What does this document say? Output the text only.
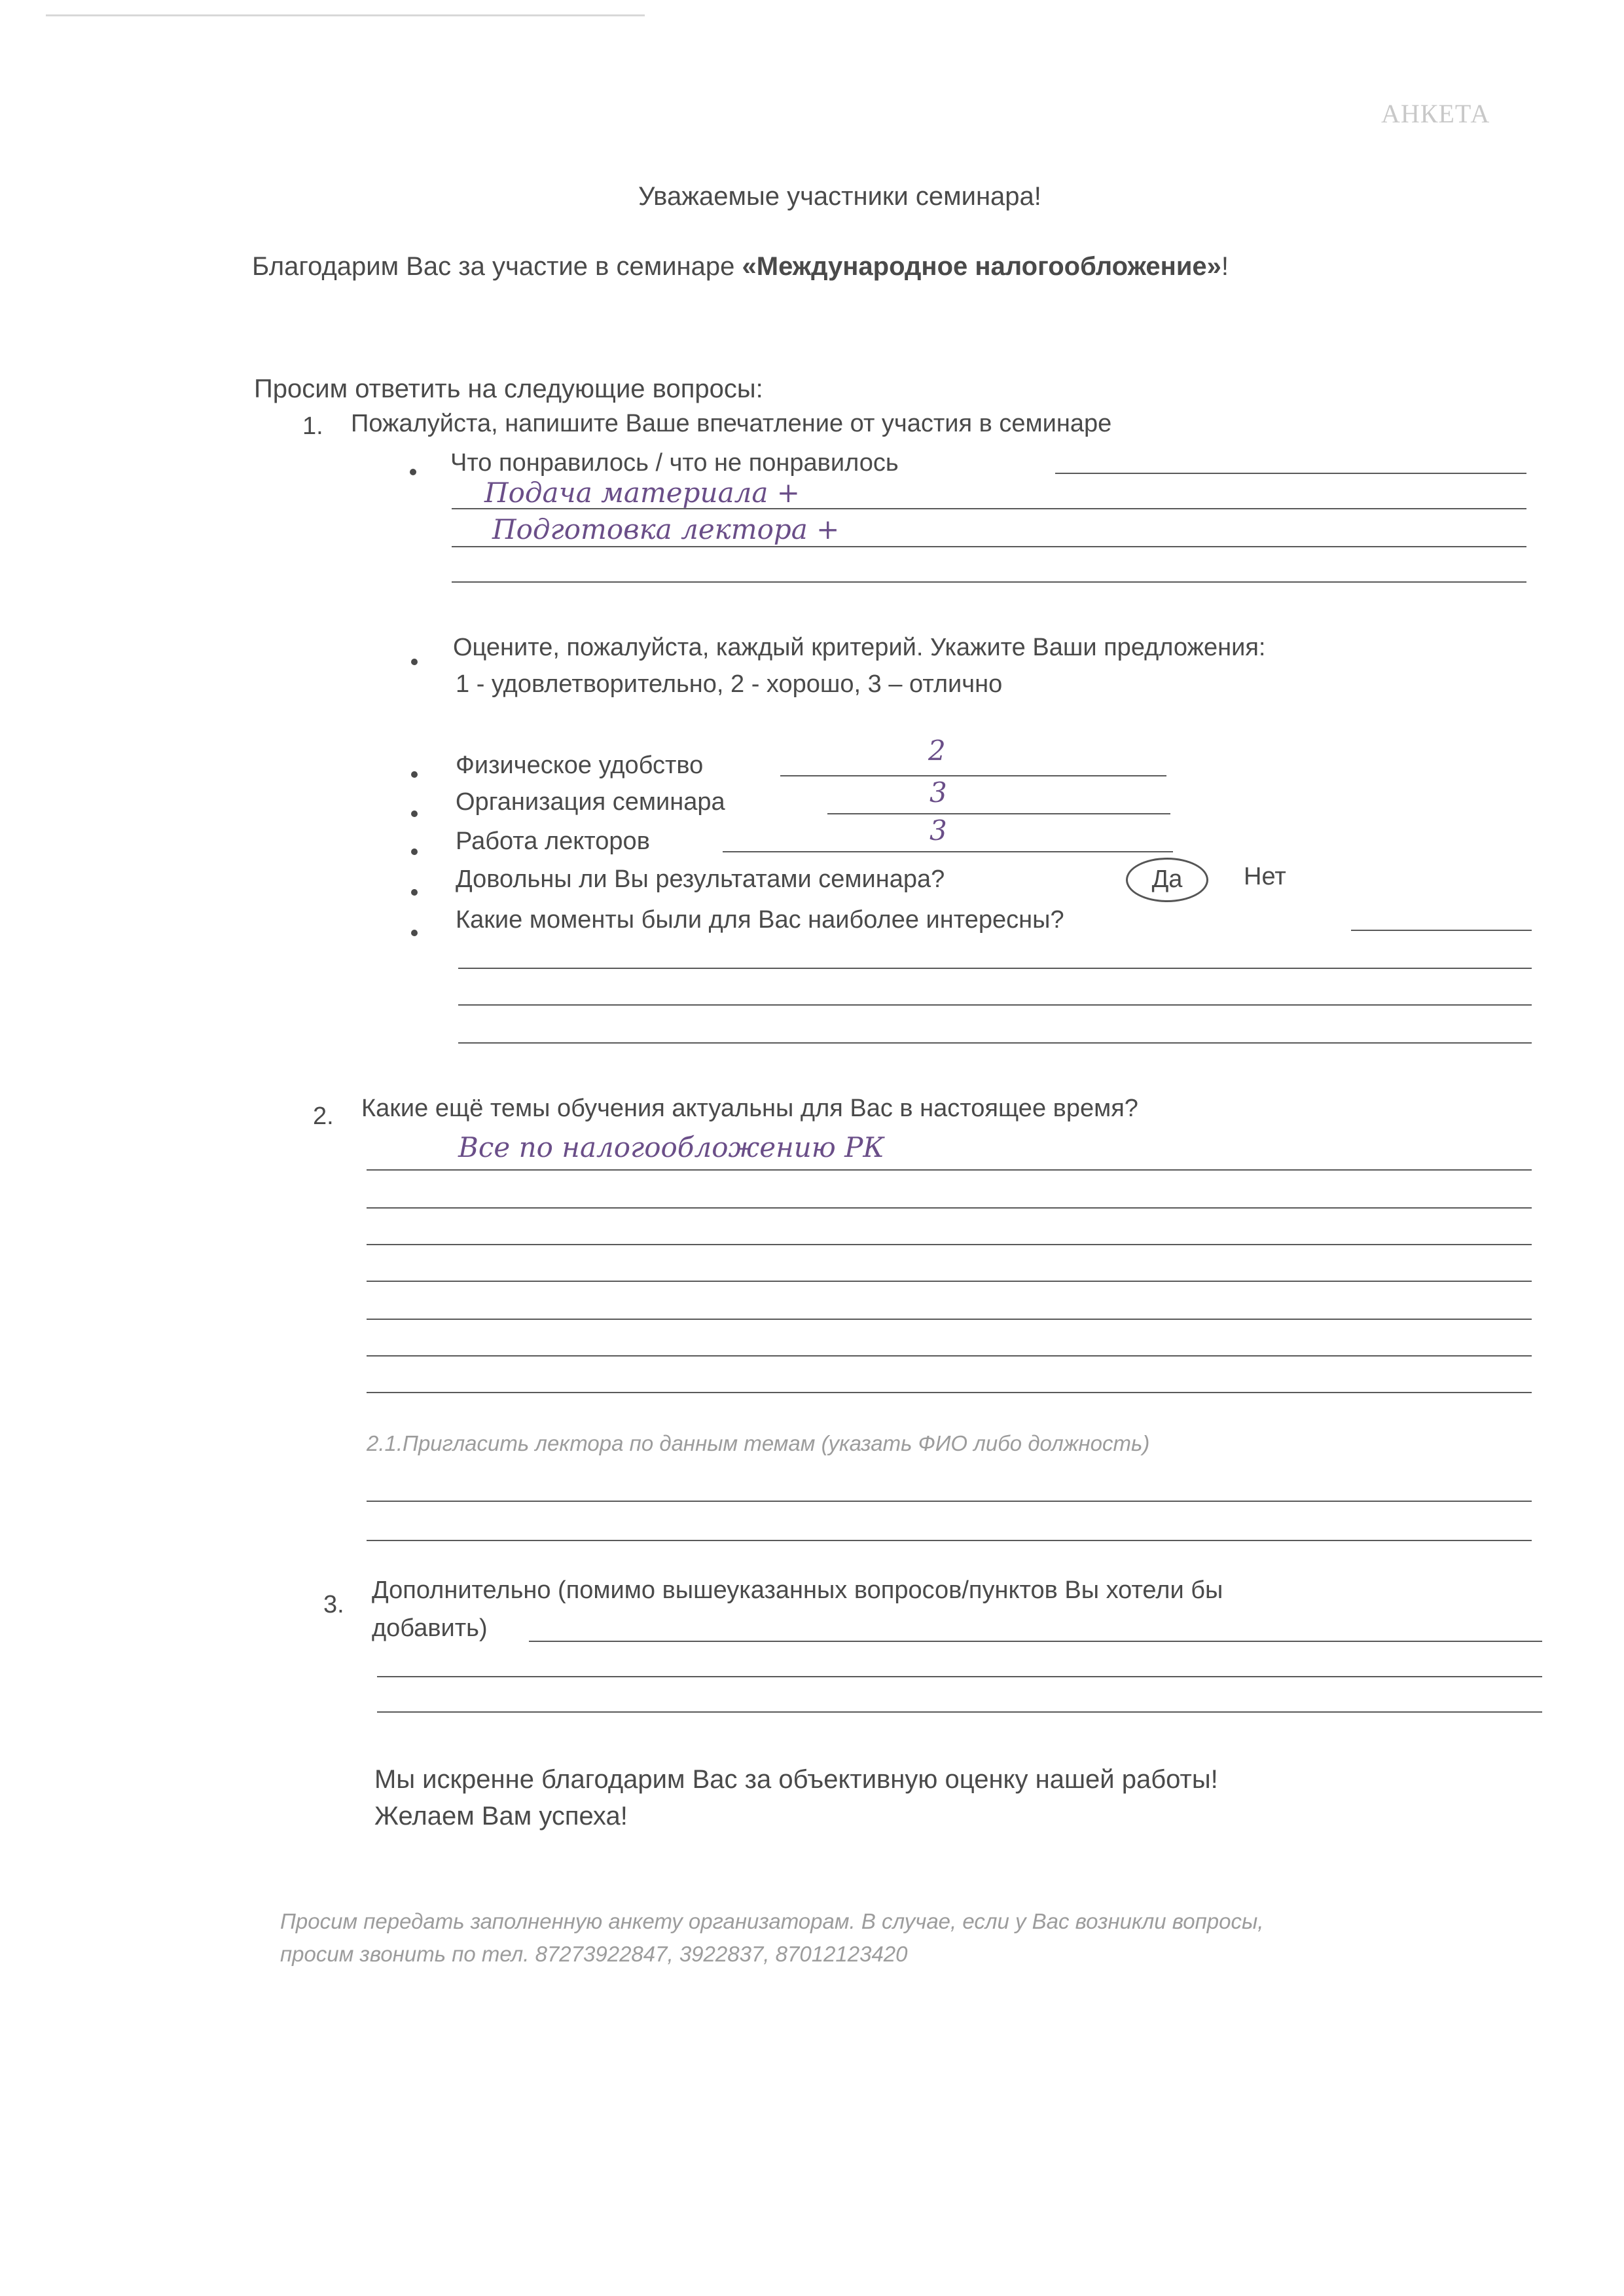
АНКЕТА
Уважаемые участники семинара!
Благодарим Вас за участие в семинаре «Международное налогообложение»!
Просим ответить на следующие вопросы:
1. Пожалуйста, напишите Ваше впечатление от участия в семинаре
Что понравилось / что не понравилось
Подача материала +
Подготовка лектора +
Оцените, пожалуйста, каждый критерий. Укажите Ваши предложения:
1 - удовлетворительно, 2 - хорошо, 3 – отлично
Физическое удобство	2
Организация семинара	3
Работа лекторов	3
Довольны ли Вы результатами семинара?	Да	Нет
Какие моменты были для Вас наиболее интересны?
2. Какие ещё темы обучения актуальны для Вас в настоящее время?
Все по налогообложению РК
2.1.Пригласить лектора по данным темам (указать ФИО либо должность)
3.
Дополнительно (помимо вышеуказанных вопросов/пунктов Вы хотели бы
добавить)
Мы искренне благодарим Вас за объективную оценку нашей работы!
Желаем Вам успеха!
Просим передать заполненную анкету организаторам. В случае, если у Вас возникли вопросы,
просим звонить по тел. 87273922847, 3922837, 87012123420
